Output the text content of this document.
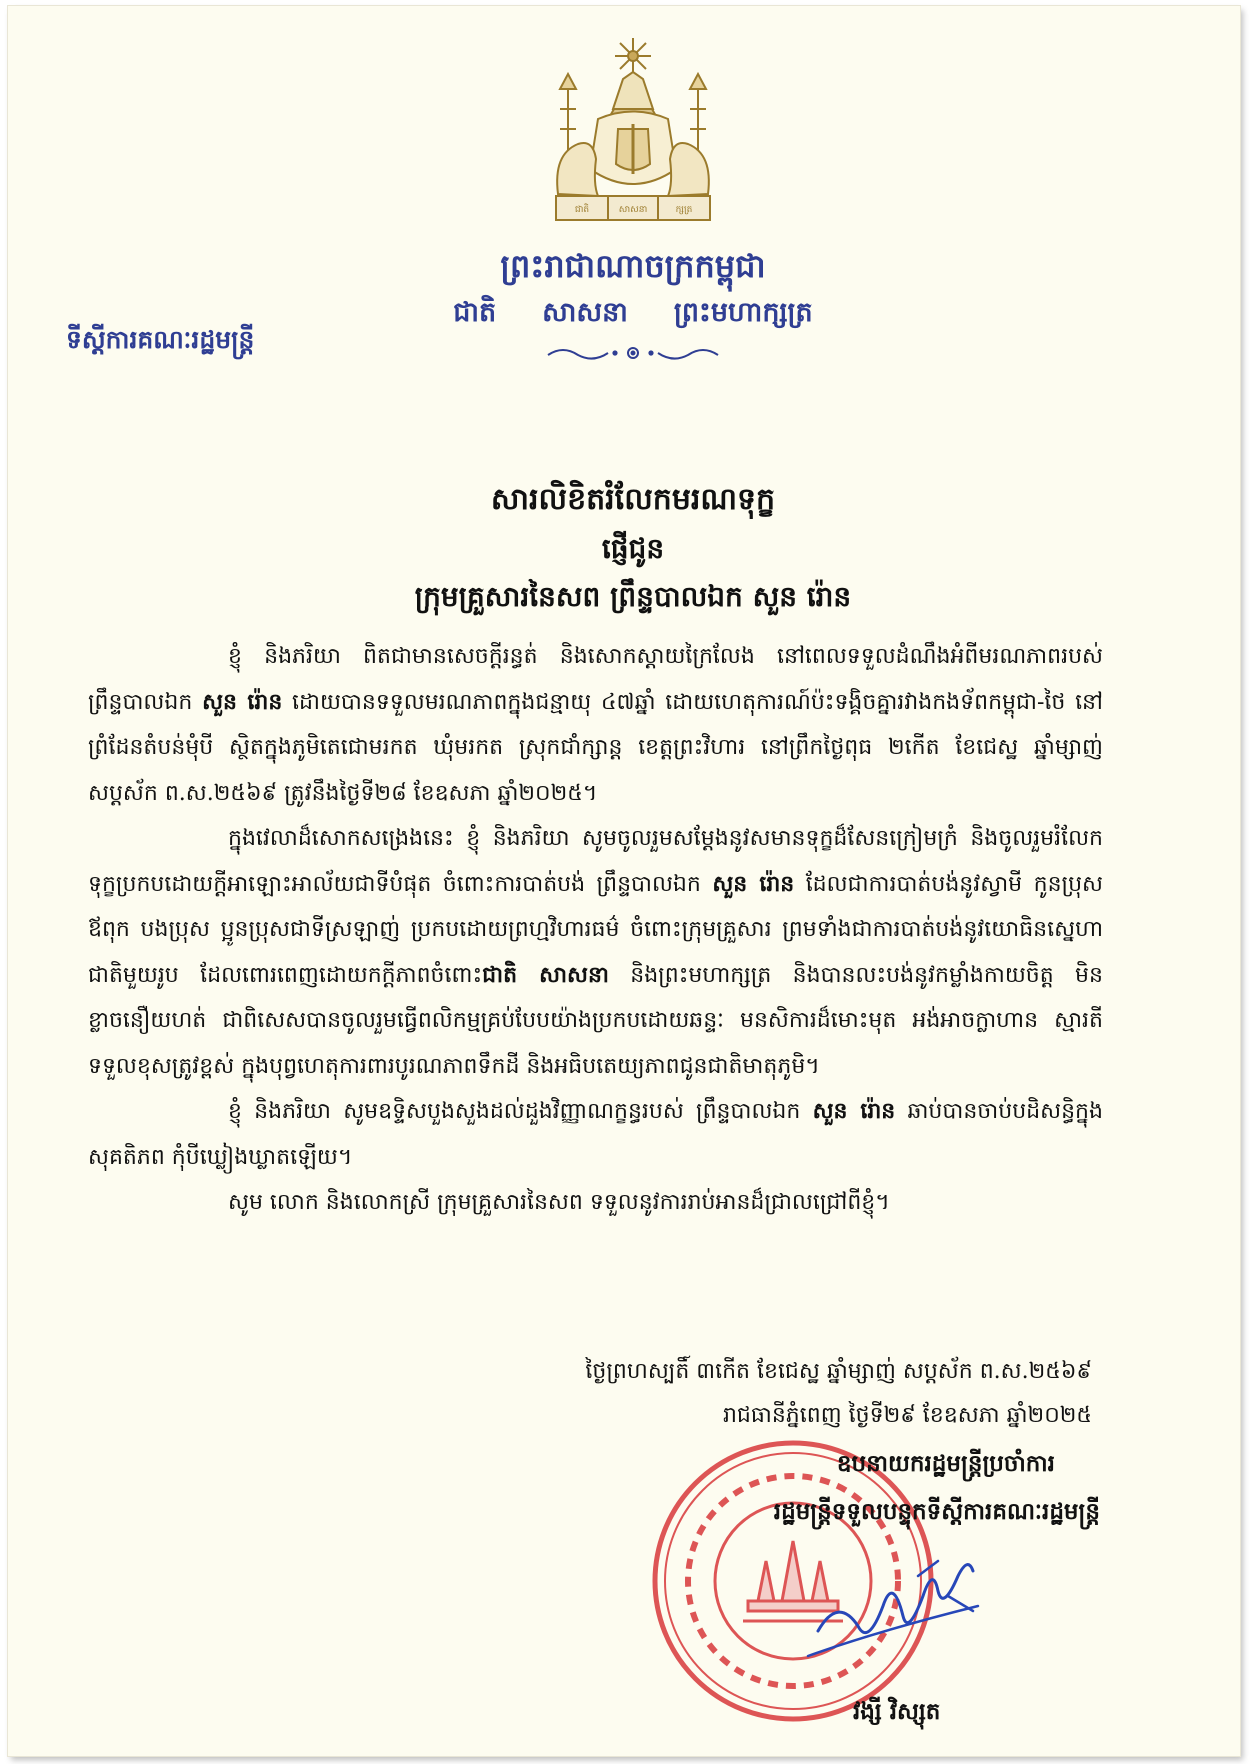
ជាតិ	សាសនា	ក្សត្រ
ព្រះរាជាណាចក្រកម្ពុជា
ជាតិ សាសនា ព្រះមហាក្សត្រ
ទីស្តីការគណៈរដ្ឋមន្ត្រី
សារលិខិតរំលែកមរណទុក្ខ
ផ្ញើជូន
ក្រុមគ្រួសារនៃសព ព្រឹន្ទបាលឯក សួន រ៉ោន

ខ្ញុំ និងភរិយា ពិតជាមានសេចក្តីរន្ធត់ និងសោកស្តាយក្រៃលែង នៅពេលទទួលដំណឹងអំពីមរណភាពរបស់ ព្រឹន្ទបាលឯក សួន រ៉ោន ដោយបានទទួលមរណភាពក្នុងជន្មាយុ ៤៧ឆ្នាំ ដោយហេតុការណ៍ប៉ះទង្គិចគ្នារវាងកងទ័ពកម្ពុជា-ថៃ នៅព្រំដែនតំបន់មុំបី ស្ថិតក្នុងភូមិតេជោមរកត ឃុំមរកត ស្រុកជាំក្សាន្ត ខេត្តព្រះវិហារ នៅព្រឹកថ្ងៃពុធ ២កើត ខែជេស្ឋ ឆ្នាំម្សាញ់ សប្តស័ក ព.ស.២៥៦៩ ត្រូវនឹងថ្ងៃទី២៨ ខែឧសភា ឆ្នាំ២០២៥។

ក្នុងវេលាដ៏សោកសង្រេងនេះ ខ្ញុំ និងភរិយា សូមចូលរួមសម្តែងនូវសមានទុក្ខដ៏សែនក្រៀមក្រំ និងចូលរួមរំលែកទុក្ខប្រកបដោយក្តីអាឡោះអាល័យជាទីបំផុត ចំពោះការបាត់បង់ ព្រឹន្ទបាលឯក សួន រ៉ោន ដែលជាការបាត់បង់នូវស្វាមី កូនប្រុស ឪពុក បងប្រុស ប្អូនប្រុសជាទីស្រឡាញ់ ប្រកបដោយព្រហ្មវិហារធម៌ ចំពោះក្រុមគ្រួសារ ព្រមទាំងជាការបាត់បង់នូវយោធិនស្នេហាជាតិមួយរូប ដែលពោរពេញដោយកក្តីភាពចំពោះជាតិ សាសនា និងព្រះមហាក្សត្រ និងបានលះបង់នូវកម្លាំងកាយចិត្ត មិនខ្លាចនឿយហត់ ជាពិសេសបានចូលរួមធ្វើពលិកម្មគ្រប់បែបយ៉ាងប្រកបដោយឆន្ទៈ មនសិការដ៏មោះមុត អង់អាចក្លាហាន ស្មារតីទទួលខុសត្រូវខ្ពស់ ក្នុងបុព្វហេតុការពារបូរណភាពទឹកដី និងអធិបតេយ្យភាពជូនជាតិមាតុភូមិ។

ខ្ញុំ និងភរិយា សូមឧទ្ទិសបួងសួងដល់ដួងវិញ្ញាណក្ខន្ធរបស់ ព្រឹន្ទបាលឯក សួន រ៉ោន ឆាប់បានចាប់បដិសន្ធិក្នុងសុគតិភព កុំបីឃ្លៀងឃ្លាតឡើយ។

សូម លោក និងលោកស្រី ក្រុមគ្រួសារនៃសព ទទួលនូវការរាប់អានដ៏ជ្រាលជ្រៅពីខ្ញុំ។

ថ្ងៃព្រហស្បតិ៍ ៣កើត ខែជេស្ឋ ឆ្នាំម្សាញ់ សប្តស័ក ព.ស.២៥៦៩
រាជធានីភ្នំពេញ ថ្ងៃទី២៩ ខែឧសភា ឆ្នាំ២០២៥
ឧបនាយករដ្ឋមន្ត្រីប្រចាំការ
រដ្ឋមន្ត្រីទទួលបន្ទុកទីស្តីការគណៈរដ្ឋមន្ត្រី
វង្សី វិស្សុត
